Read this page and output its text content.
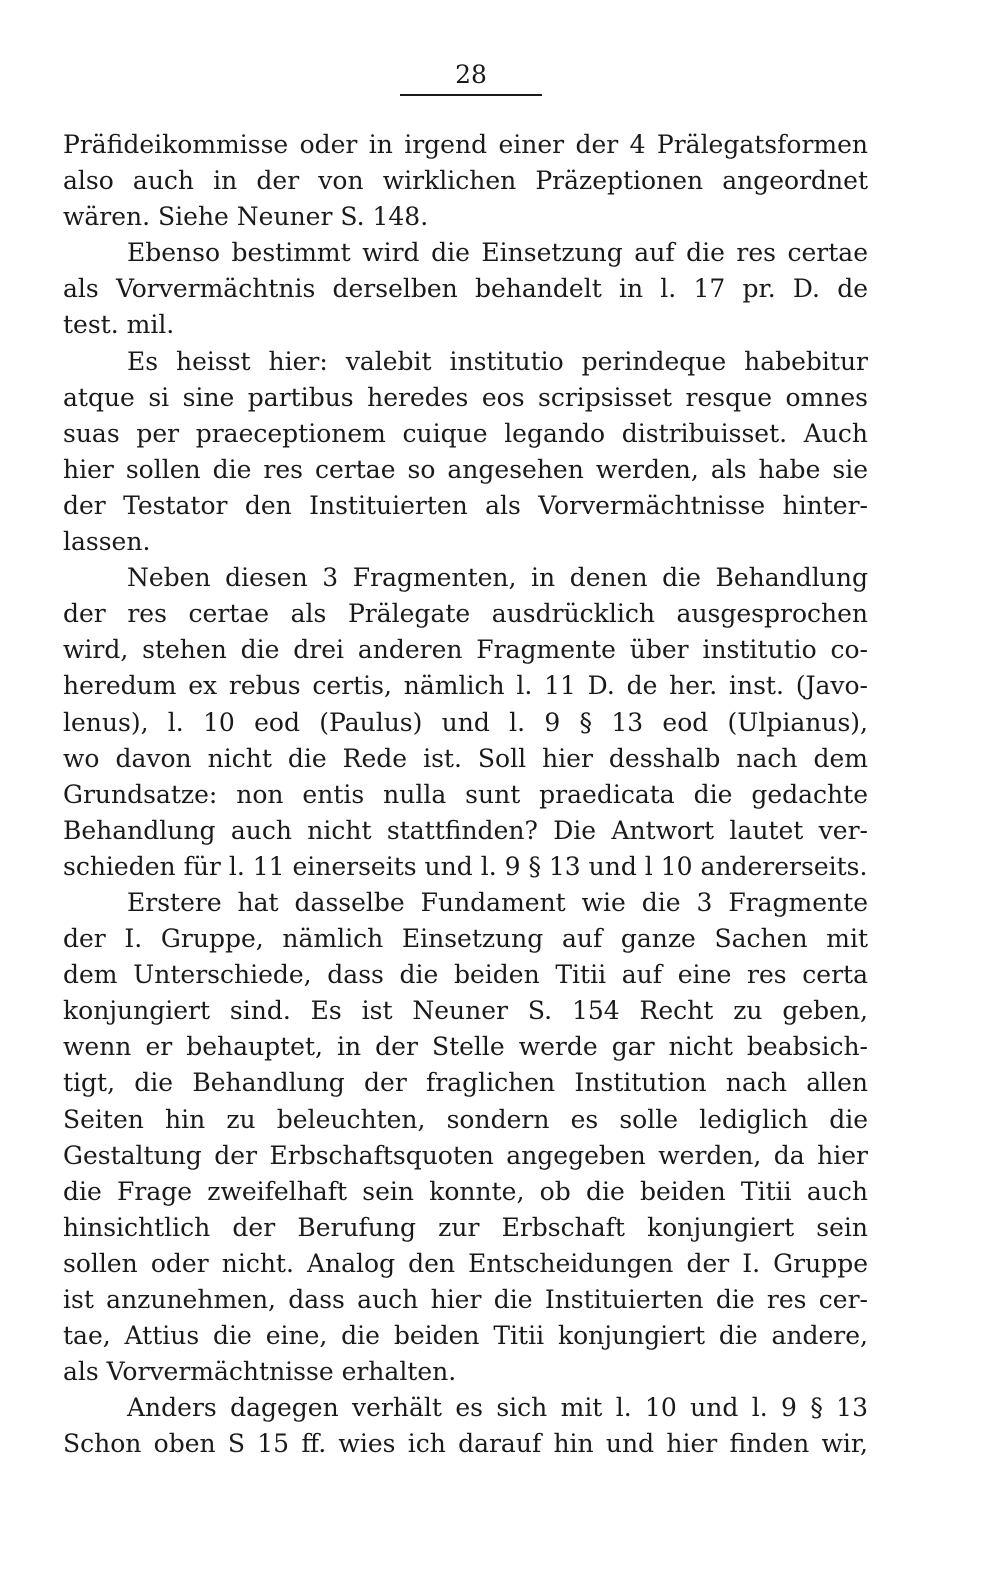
28
Präfideikommisse oder in irgend einer der 4 Prälegatsformen
also auch in der von wirklichen Präzeptionen angeordnet
wären. Siehe Neuner S. 148.
Ebenso bestimmt wird die Einsetzung auf die res certae
als Vorvermächtnis derselben behandelt in l. 17 pr. D. de
test. mil.
Es heisst hier: valebit institutio perindeque habebitur
atque si sine partibus heredes eos scripsisset resque omnes
suas per praeceptionem cuique legando distribuisset. Auch
hier sollen die res certae so angesehen werden, als habe sie
der Testator den Instituierten als Vorvermächtnisse hinter-
lassen.
Neben diesen 3 Fragmenten, in denen die Behandlung
der res certae als Prälegate ausdrücklich ausgesprochen
wird, stehen die drei anderen Fragmente über institutio co-
heredum ex rebus certis, nämlich l. 11 D. de her. inst. (Javo-
lenus), l. 10 eod (Paulus) und l. 9 § 13 eod (Ulpianus),
wo davon nicht die Rede ist. Soll hier desshalb nach dem
Grundsatze: non entis nulla sunt praedicata die gedachte
Behandlung auch nicht stattfinden? Die Antwort lautet ver-
schieden für l. 11 einerseits und l. 9 § 13 und l 10 andererseits.
Erstere hat dasselbe Fundament wie die 3 Fragmente
der I. Gruppe, nämlich Einsetzung auf ganze Sachen mit
dem Unterschiede, dass die beiden Titii auf eine res certa
konjungiert sind. Es ist Neuner S. 154 Recht zu geben,
wenn er behauptet, in der Stelle werde gar nicht beabsich-
tigt, die Behandlung der fraglichen Institution nach allen
Seiten hin zu beleuchten, sondern es solle lediglich die
Gestaltung der Erbschaftsquoten angegeben werden, da hier
die Frage zweifelhaft sein konnte, ob die beiden Titii auch
hinsichtlich der Berufung zur Erbschaft konjungiert sein
sollen oder nicht. Analog den Entscheidungen der I. Gruppe
ist anzunehmen, dass auch hier die Instituierten die res cer-
tae, Attius die eine, die beiden Titii konjungiert die andere,
als Vorvermächtnisse erhalten.
Anders dagegen verhält es sich mit l. 10 und l. 9 § 13
Schon oben S 15 ff. wies ich darauf hin und hier finden wir,
